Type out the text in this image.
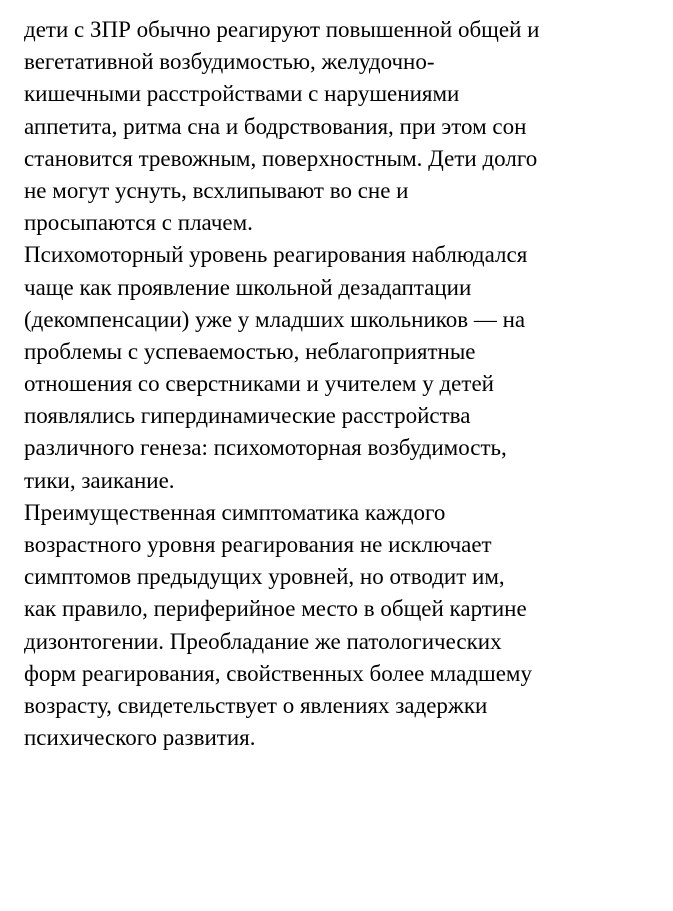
дети с ЗПР обычно реагируют повышенной общей и
вегетативной возбудимостью, желудочно-
кишечными расстройствами с нарушениями
аппетита, ритма сна и бодрствования, при этом сон
становится тревожным, поверхностным. Дети долго
не могут уснуть, всхлипывают во сне и
просыпаются с плачем.
Психомоторный уровень реагирования наблюдался
чаще как проявление школьной дезадаптации
(декомпенсации) уже у младших школьников — на
проблемы с успеваемостью, неблагоприятные
отношения со сверстниками и учителем у детей
появлялись гипердинамические расстройства
различного генеза: психомоторная возбудимость,
тики, заикание.
Преимущественная симптоматика каждого
возрастного уровня реагирования не исключает
симптомов предыдущих уровней, но отводит им,
как правило, периферийное место в общей картине
дизонтогении. Преобладание же патологических
форм реагирования, свойственных более младшему
возрасту, свидетельствует о явлениях задержки
психического развития.
